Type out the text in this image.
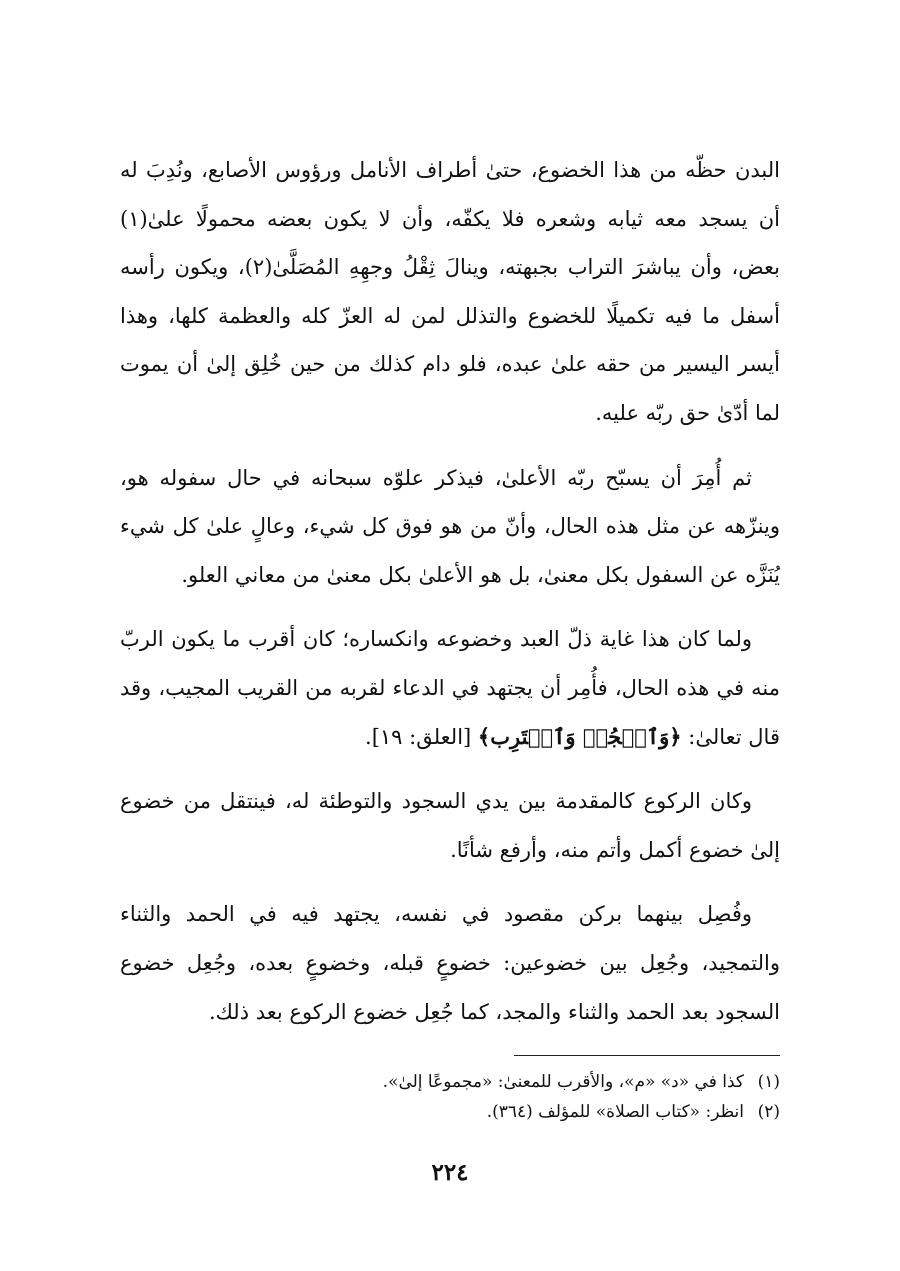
البدن حظّه من هذا الخضوع، حتىٰ أطراف الأنامل ورؤوس الأصابع، ونُدِبَ له أن يسجد معه ثيابه وشعره فلا يكفّه، وأن لا يكون بعضه محمولًا علىٰ(١) بعض، وأن يباشرَ التراب بجبهته، وينالَ ثِقْلُ وجهِهِ المُصَلَّىٰ(٢)، ويكون رأسه أسفل ما فيه تكميلًا للخضوع والتذلل لمن له العزّ كله والعظمة كلها، وهذا أيسر اليسير من حقه علىٰ عبده، فلو دام كذلك من حين خُلِق إلىٰ أن يموت لما أدّىٰ حق ربّه عليه.

ثم أُمِرَ أن يسبّح ربّه الأعلىٰ، فيذكر علوّه سبحانه في حال سفوله هو، وينزّهه عن مثل هذه الحال، وأنّ من هو فوق كل شيء، وعالٍ علىٰ كل شيء يُنَزَّه عن السفول بكل معنىٰ، بل هو الأعلىٰ بكل معنىٰ من معاني العلو.

ولما كان هذا غاية ذلّ العبد وخضوعه وانكساره؛ كان أقرب ما يكون الربّ منه في هذه الحال، فأُمِر أن يجتهد في الدعاء لقربه من القريب المجيب، وقد قال تعالىٰ: ﴿وَٱسۡجُدۡ وَٱقۡتَرِب﴾ [العلق: ١٩].

وكان الركوع كالمقدمة بين يدي السجود والتوطئة له، فينتقل من خضوع إلىٰ خضوع أكمل وأتم منه، وأرفع شأنًا.

وفُصِل بينهما بركن مقصود في نفسه، يجتهد فيه في الحمد والثناء والتمجيد، وجُعِل بين خضوعين: خضوعٍ قبله، وخضوعٍ بعده، وجُعِل خضوع السجود بعد الحمد والثناء والمجد، كما جُعِل خضوع الركوع بعد ذلك.

(١)كذا في «د» «م»، والأقرب للمعنىٰ: «مجموعًا إلىٰ».

(٢)انظر: «كتاب الصلاة» للمؤلف (٣٦٤).

٢٢٤
